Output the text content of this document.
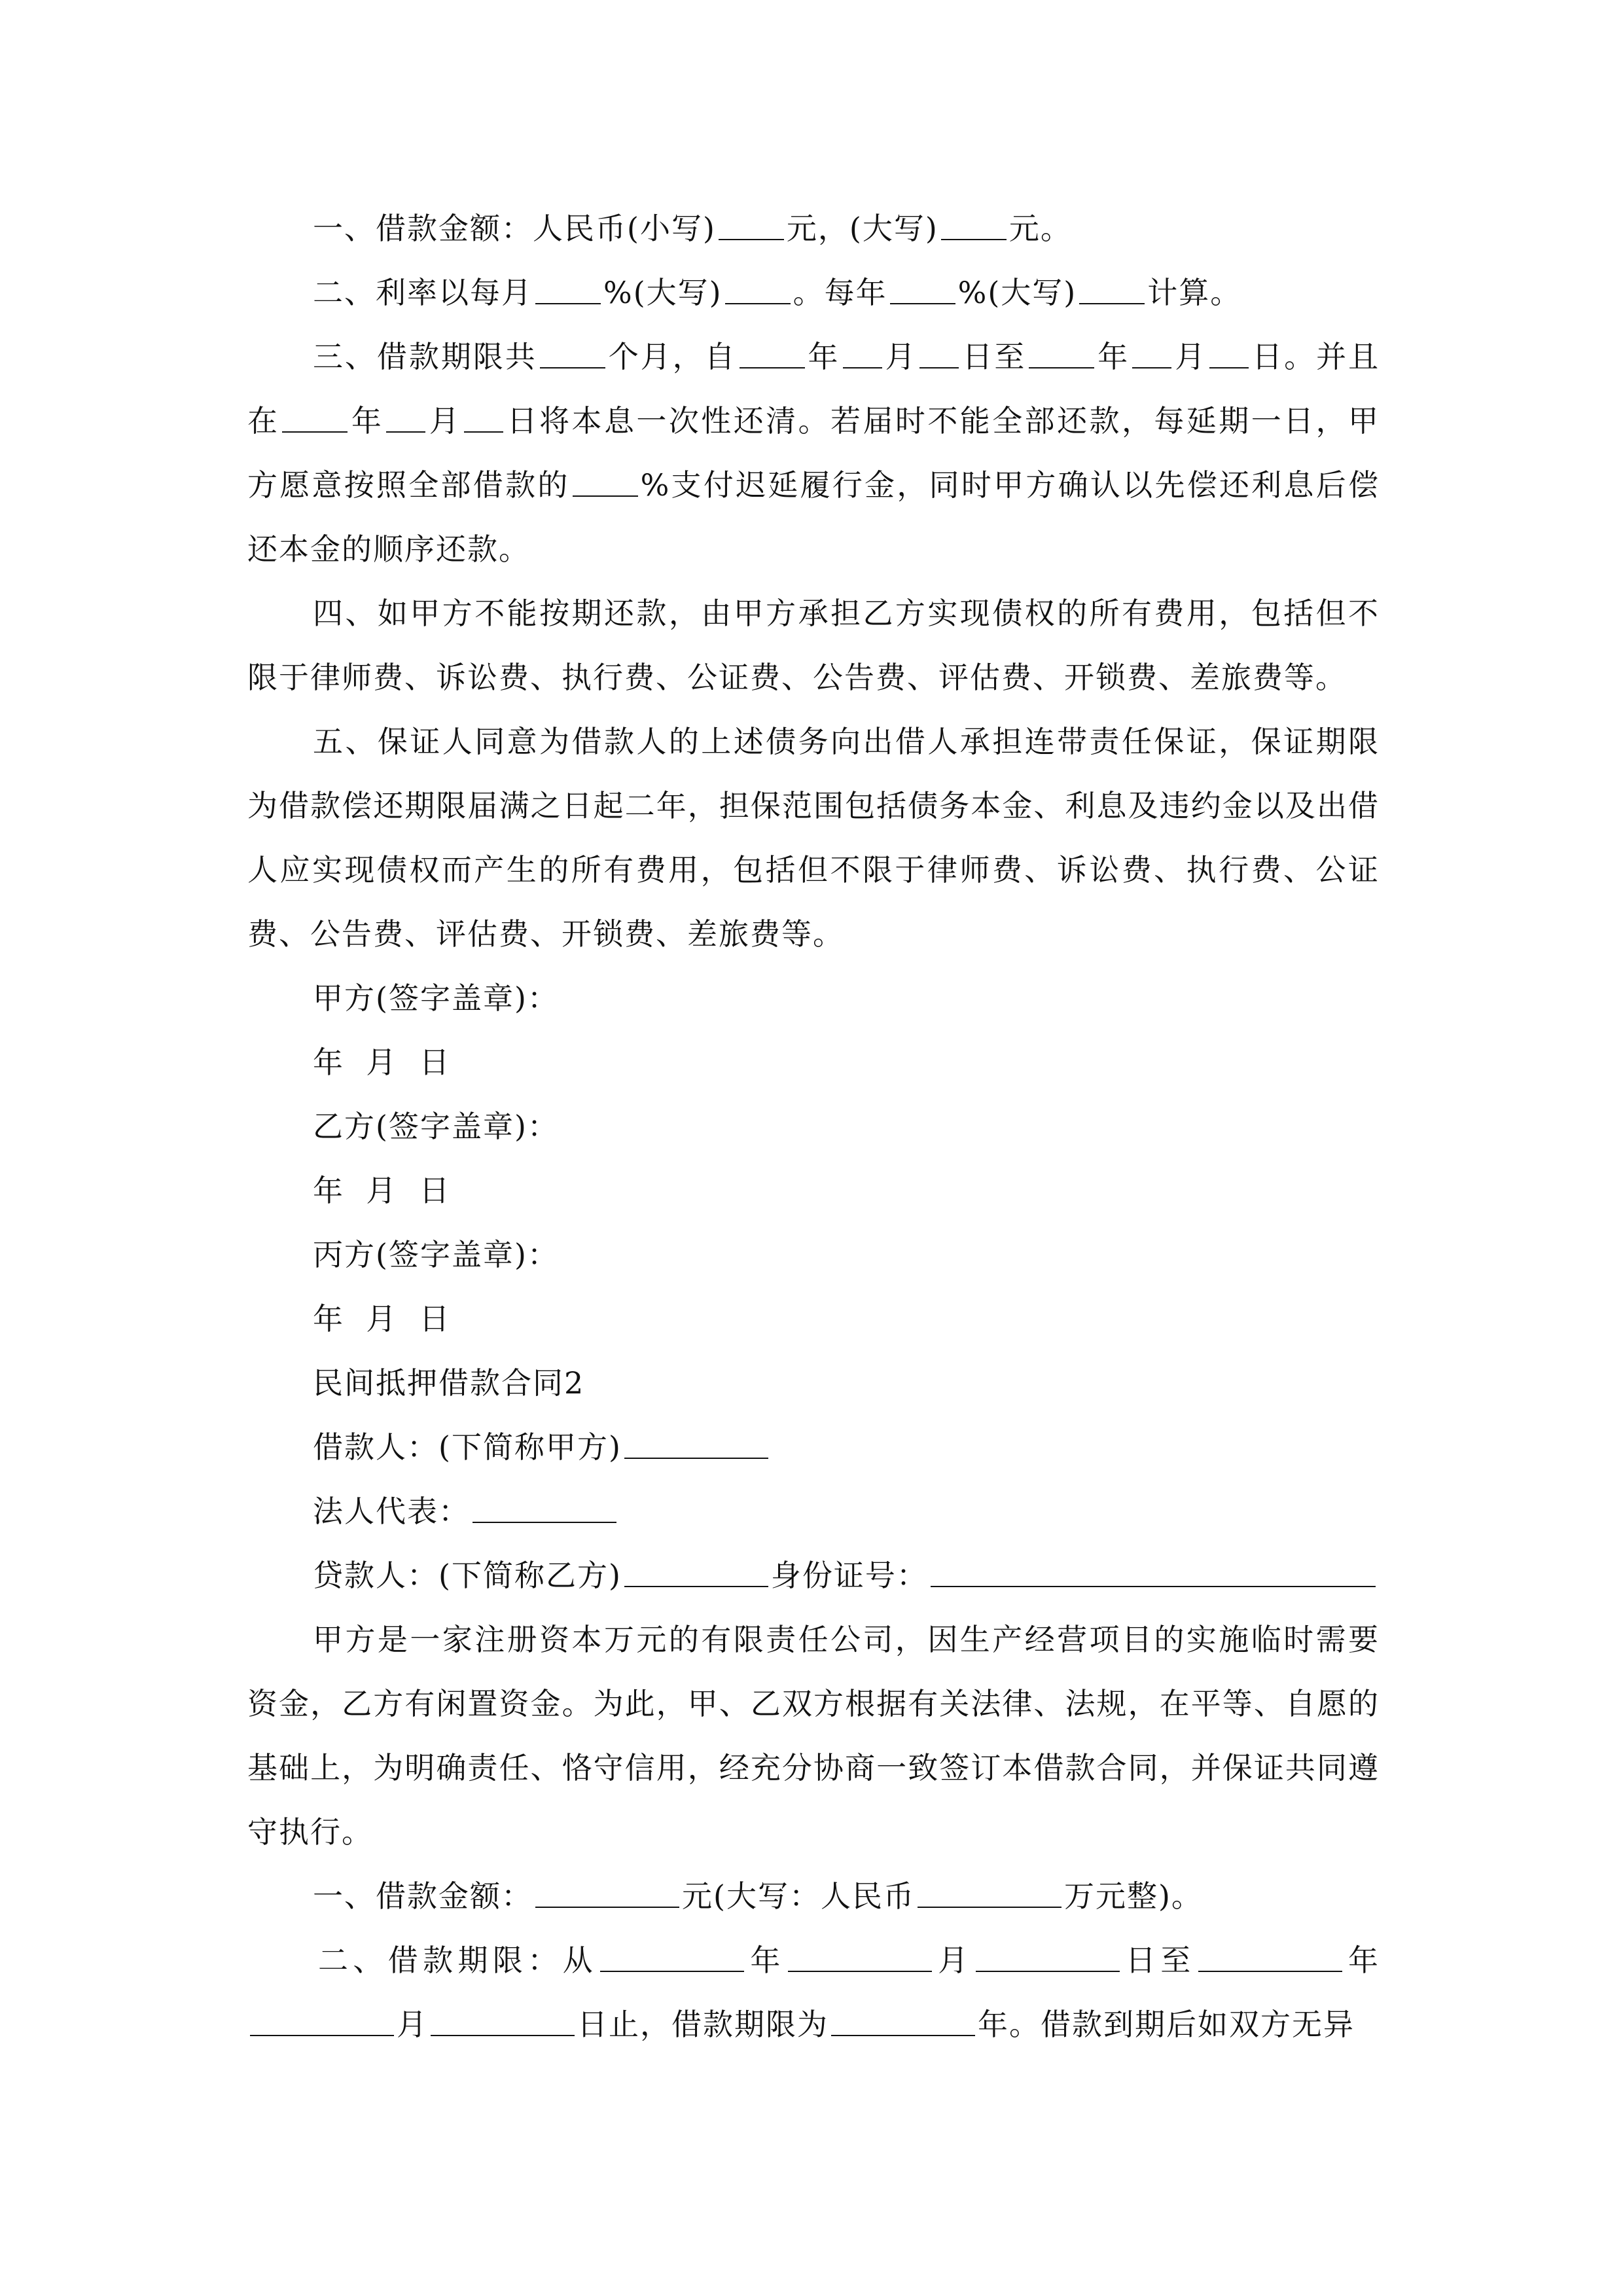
一、借款金额：人民币(小写) 元，(大写) 元。

二、利率以每月 %(大写) 。每年 %(大写) 计算。

三、借款期限共 个月，自 年 月 日至 年 月 日。并且在 年 月 日将本息一次性还清。若届时不能全部还款，每延期一日，甲方愿意按照全部借款的 %支付迟延履行金，同时甲方确认以先偿还利息后偿还本金的顺序还款。

四、如甲方不能按期还款，由甲方承担乙方实现债权的所有费用，包括但不限于律师费、诉讼费、执行费、公证费、公告费、评估费、开锁费、差旅费等。

五、保证人同意为借款人的上述债务向出借人承担连带责任保证，保证期限为借款偿还期限届满之日起二年，担保范围包括债务本金、利息及违约金以及出借人应实现债权而产生的所有费用，包括但不限于律师费、诉讼费、执行费、公证费、公告费、评估费、开锁费、差旅费等。

甲方(签字盖章)：

年  月  日

乙方(签字盖章)：

年  月  日

丙方(签字盖章)：

年  月  日

民间抵押借款合同2

借款人：(下简称甲方)

法人代表：

贷款人：(下简称乙方)	身份证号：

甲方是一家注册资本万元的有限责任公司，因生产经营项目的实施临时需要资金，乙方有闲置资金。为此，甲、乙双方根据有关法律、法规，在平等、自愿的基础上，为明确责任、恪守信用，经充分协商一致签订本借款合同，并保证共同遵守执行。

一、借款金额：	元(大写：人民币	万元整)。

二、借款期限：从	年	月	日至	年月	日止，借款期限为	年。借款到期后如双方无异
